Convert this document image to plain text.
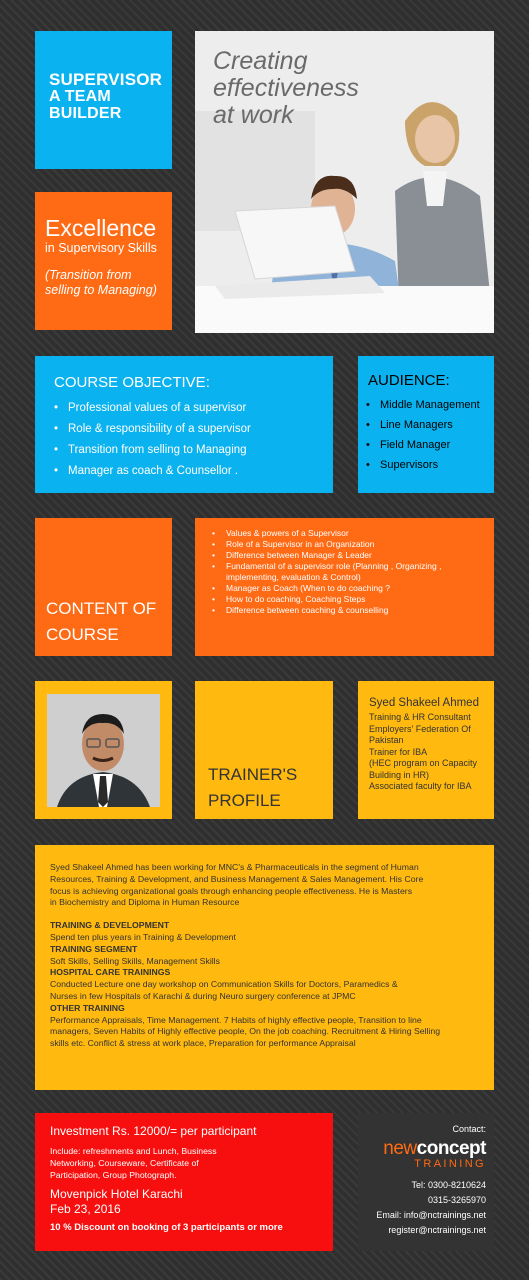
SUPERVISOR
A TEAM
BUILDER
Creating
effectiveness
at work
Excellence
in Supervisory Skills
(Transition from
selling to Managing)
COURSE OBJECTIVE:
• Professional values of a supervisor
• Role & responsibility of a supervisor
• Transition from selling to Managing
• Manager as coach & Counsellor .
AUDIENCE:
• Middle Management
• Line Managers
• Field Manager
• Supervisors
CONTENT OF
COURSE
• Values & powers of a Supervisor
• Role of a Supervisor in an Organization
• Difference between Manager & Leader
• Fundamental of a supervisor role (Planning , Organizing , implementing, evaluation & Control)
• Manager as Coach (When to do coaching ?
• How to do coaching, Coaching Steps
• Difference between coaching & counselling
TRAINER'S
PROFILE
Syed Shakeel Ahmed
Training & HR Consultant
Employers' Federation Of
Pakistan
Trainer for IBA
(HEC program on Capacity
Building in HR)
Associated faculty for IBA
Syed Shakeel Ahmed has been working for MNC's & Pharmaceuticals in the segment of Human
Resources, Training & Development, and Business Management & Sales Management. His Core
focus is achieving organizational goals through enhancing people effectiveness. He is Masters
in Biochemistry and Diploma in Human Resource
TRAINING & DEVELOPMENT
Spend ten plus years in Training & Development
TRAINING SEGMENT
Soft Skills, Selling Skills, Management Skills
HOSPITAL CARE TRAININGS
Conducted Lecture one day workshop on Communication Skills for Doctors, Paramedics &
Nurses in few Hospitals of Karachi & during Neuro surgery conference at JPMC
OTHER TRAINING
Performance Appraisals, Time Management. 7 Habits of highly effective people, Transition to line
managers, Seven Habits of Highly effective people, On the job coaching. Recruitment & Hiring Selling
skills etc. Conflict & stress at work place, Preparation for performance Appraisal
Investment Rs. 12000/= per participant
Include: refreshments and Lunch, Business
Networking, Courseware, Certificate of
Participation, Group Photograph.
Movenpick Hotel Karachi
Feb 23, 2016
10 % Discount on booking of 3 participants or more
Contact:
newconcept
TRAINING
Tel: 0300-8210624
0315-3265970
Email: info@nctrainings.net
register@nctrainings.net
